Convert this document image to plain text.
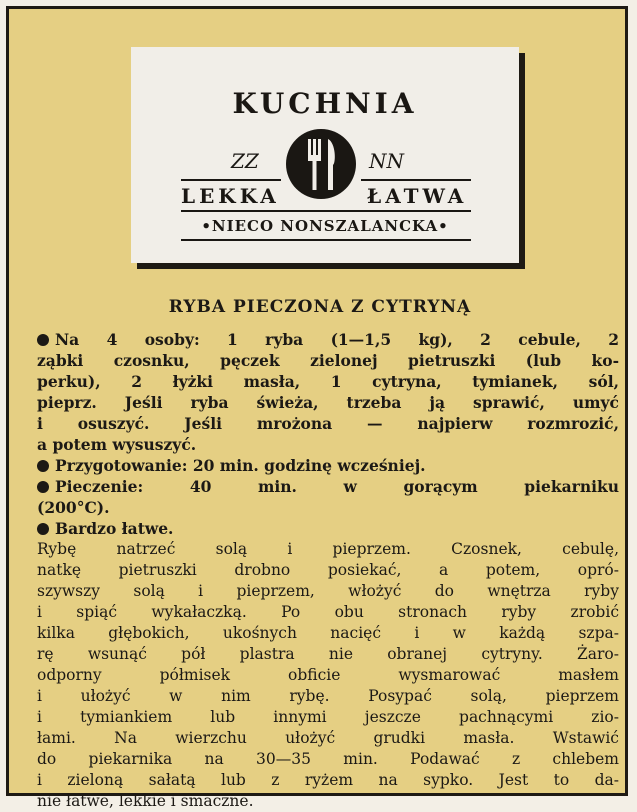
KUCHNIA
ZZ	NN
LEKKA	ŁATWA
•NIECO NONSZALANCKA•
RYBA PIECZONA Z CYTRYNĄ
Na 4 osoby: 1 ryba (1—1,5 kg), 2 cebule, 2
ząbki czosnku, pęczek zielonej pietruszki (lub ko-
perku), 2 łyżki masła, 1 cytryna, tymianek, sól,
pieprz. Jeśli ryba świeża, trzeba ją sprawić, umyć
i osuszyć. Jeśli mrożona — najpierw rozmrozić,
a potem wysuszyć.
Przygotowanie: 20 min. godzinę wcześniej.
Pieczenie: 40 min. w gorącym piekarniku
(200°C).
Bardzo łatwe.
Rybę natrzeć solą i pieprzem. Czosnek, cebulę,
natkę pietruszki drobno posiekać, a potem, opró-
szywszy solą i pieprzem, włożyć do wnętrza ryby
i spiąć wykałaczką. Po obu stronach ryby zrobić
kilka głębokich, ukośnych nacięć i w każdą szpa-
rę wsunąć pół plastra nie obranej cytryny. Żaro-
odporny półmisek obficie wysmarować masłem
i ułożyć w nim rybę. Posypać solą, pieprzem
i tymiankiem lub innymi jeszcze pachnącymi zio-
łami. Na wierzchu ułożyć grudki masła. Wstawić
do piekarnika na 30—35 min. Podawać z chlebem
i zieloną sałatą lub z ryżem na sypko. Jest to da-
nie łatwe, lekkie i smaczne.
